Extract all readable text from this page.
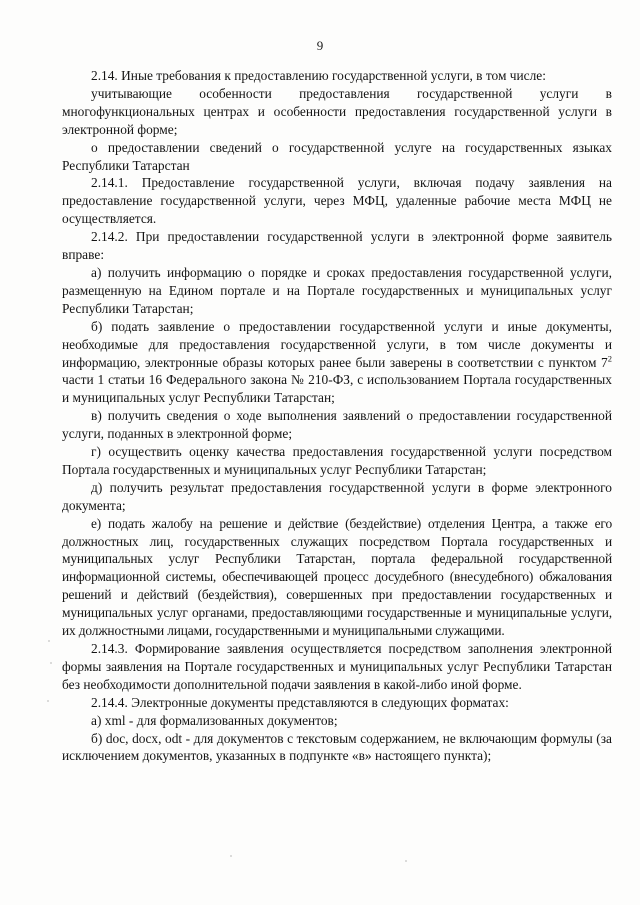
9

2.14. Иные требования к предоставлению государственной услуги, в том числе:

учитывающие особенности предоставления государственной услуги в многофункциональных центрах и особенности предоставления государственной услуги в электронной форме;

о предоставлении сведений о государственной услуге на государственных языках Республики Татарстан

2.14.1. Предоставление государственной услуги, включая подачу заявления на предоставление государственной услуги, через МФЦ, удаленные рабочие места МФЦ не осуществляется.

2.14.2. При предоставлении государственной услуги в электронной форме заявитель вправе:

а) получить информацию о порядке и сроках предоставления государственной услуги, размещенную на Едином портале и на Портале государственных и муниципальных услуг Республики Татарстан;

б) подать заявление о предоставлении государственной услуги и иные документы, необходимые для предоставления государственной услуги, в том числе документы и информацию, электронные образы которых ранее были заверены в соответствии с пунктом $7^2$ части 1 статьи 16 Федерального закона № 210-ФЗ, с использованием Портала государственных и муниципальных услуг Республики Татарстан;

в) получить сведения о ходе выполнения заявлений о предоставлении государственной услуги, поданных в электронной форме;

г) осуществить оценку качества предоставления государственной услуги посредством Портала государственных и муниципальных услуг Республики Татарстан;

д) получить результат предоставления государственной услуги в форме электронного документа;

е) подать жалобу на решение и действие (бездействие) отделения Центра, а также его должностных лиц, государственных служащих посредством Портала государственных и муниципальных услуг Республики Татарстан, портала федеральной государственной информационной системы, обеспечивающей процесс досудебного (внесудебного) обжалования решений и действий (бездействия), совершенных при предоставлении государственных и муниципальных услуг органами, предоставляющими государственные и муниципальные услуги, их должностными лицами, государственными и муниципальными служащими.

2.14.3. Формирование заявления осуществляется посредством заполнения электронной формы заявления на Портале государственных и муниципальных услуг Республики Татарстан без необходимости дополнительной подачи заявления в какой-либо иной форме.

2.14.4. Электронные документы представляются в следующих форматах:

а) xml - для формализованных документов;

б) doc, docx, odt - для документов с текстовым содержанием, не включающим формулы (за исключением документов, указанных в подпункте «в» настоящего пункта);
